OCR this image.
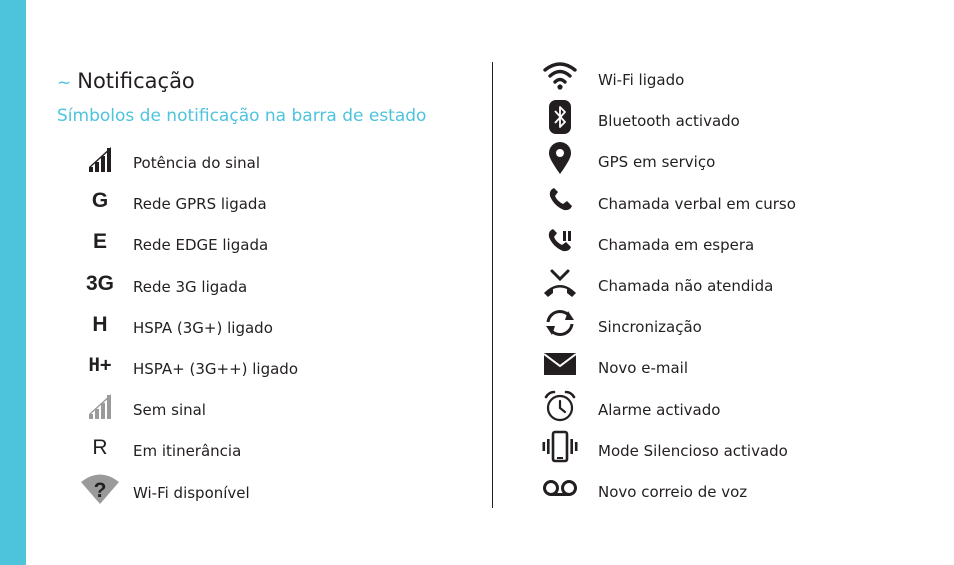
~ Notificação
Símbolos de notificação na barra de estado
Potência do sinal
G Rede GPRS ligada
E Rede EDGE ligada
3G Rede 3G ligada
H HSPA (3G+) ligado
H+ HSPA+ (3G++) ligado
Sem sinal
R Em itinerância
? Wi-Fi disponível
Wi-Fi ligado
Bluetooth activado
GPS em serviço
Chamada verbal em curso
Chamada em espera
Chamada não atendida
Sincronização
Novo e-mail
Alarme activado
Mode Silencioso activado
Novo correio de voz
